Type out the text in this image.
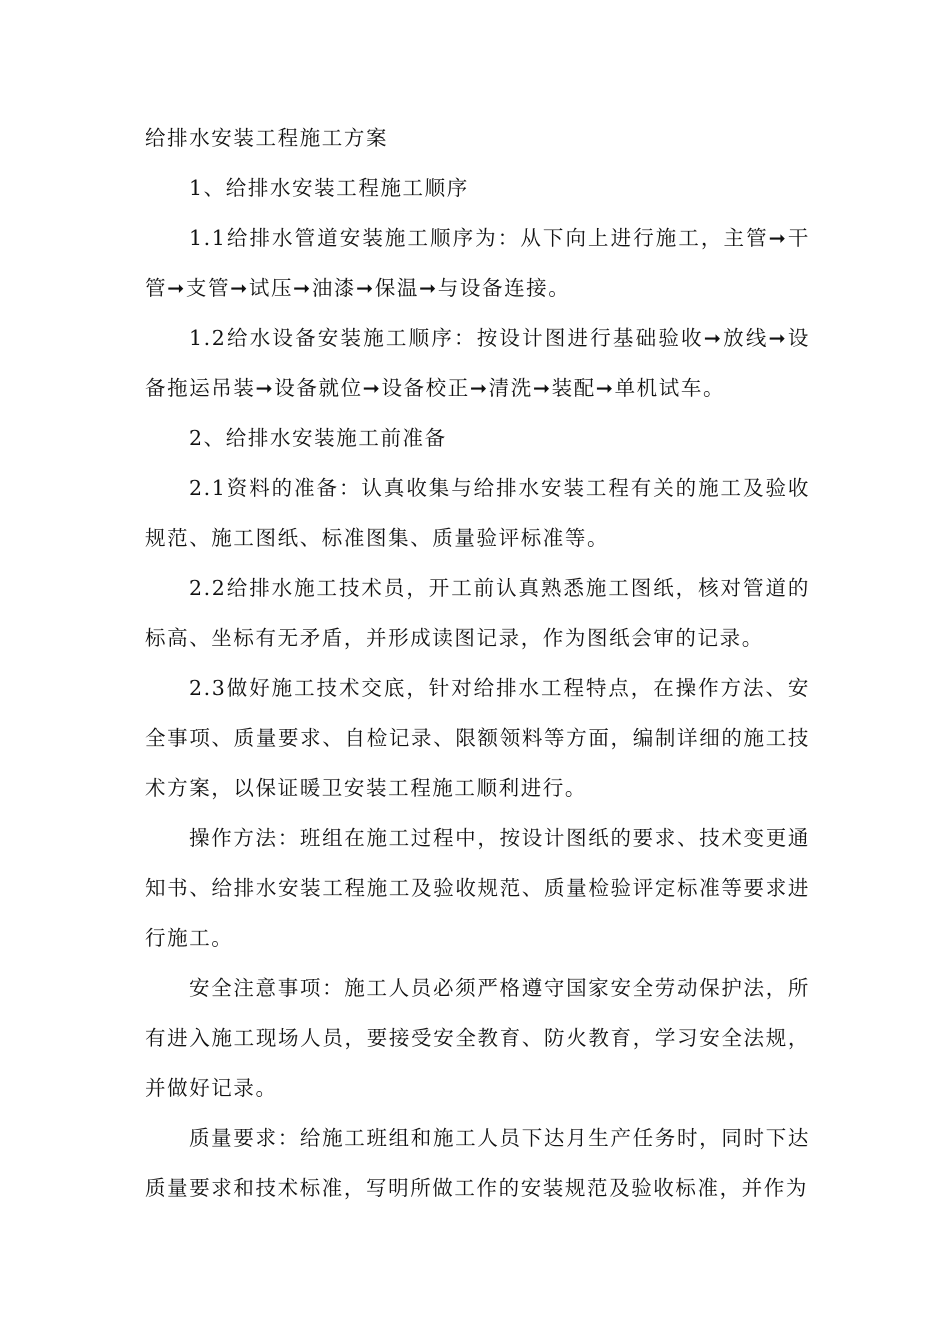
给排水安装工程施工方案

1、给排水安装工程施工顺序

1.1给排水管道安装施工顺序为：从下向上进行施工，主管➞干管➞支管➞试压➞油漆➞保温➞与设备连接。

1.2给水设备安装施工顺序：按设计图进行基础验收➞放线➞设备拖运吊装➞设备就位➞设备校正➞清洗➞装配➞单机试车。

2、给排水安装施工前准备

2.1资料的准备：认真收集与给排水安装工程有关的施工及验收规范、施工图纸、标准图集、质量验评标准等。

2.2给排水施工技术员，开工前认真熟悉施工图纸，核对管道的标高、坐标有无矛盾，并形成读图记录，作为图纸会审的记录。

2.3做好施工技术交底，针对给排水工程特点，在操作方法、安全事项、质量要求、自检记录、限额领料等方面，编制详细的施工技术方案，以保证暖卫安装工程施工顺利进行。

操作方法：班组在施工过程中，按设计图纸的要求、技术变更通知书、给排水安装工程施工及验收规范、质量检验评定标准等要求进行施工。

安全注意事项：施工人员必须严格遵守国家安全劳动保护法，所有进入施工现场人员，要接受安全教育、防火教育，学习安全法规，并做好记录。

质量要求：给施工班组和施工人员下达月生产任务时，同时下达质量要求和技术标准，写明所做工作的安装规范及验收标准，并作为
